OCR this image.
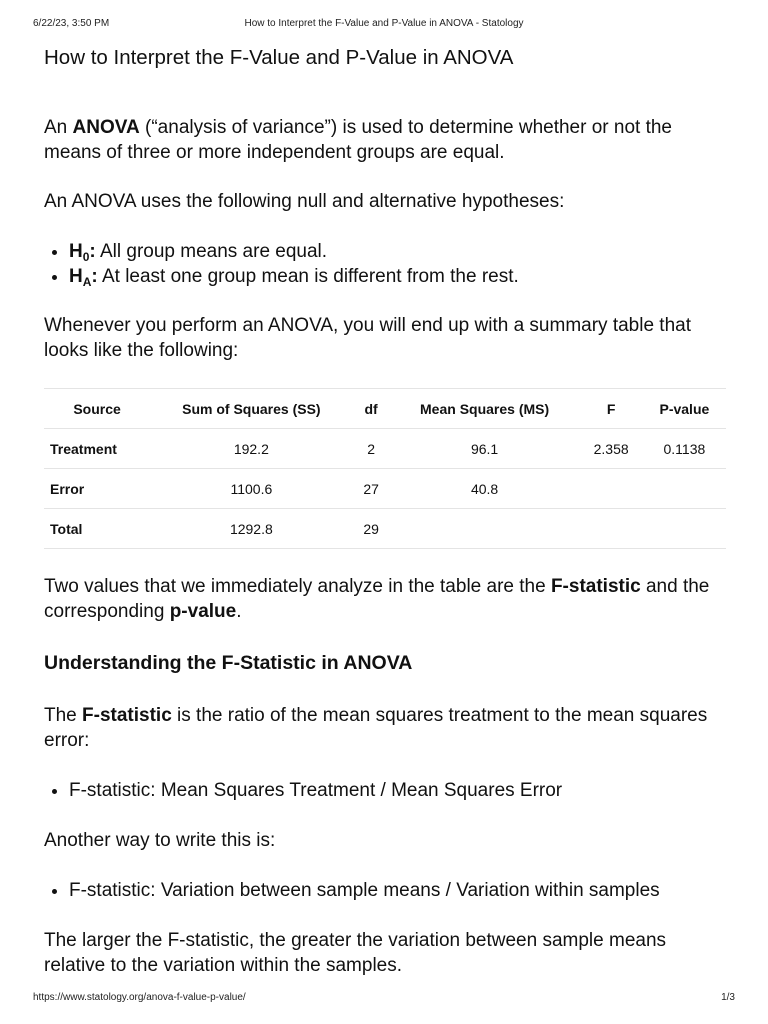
6/22/23, 3:50 PM	How to Interpret the F-Value and P-Value in ANOVA - Statology
How to Interpret the F-Value and P-Value in ANOVA

An ANOVA (“analysis of variance”) is used to determine whether or not the means of three or more independent groups are equal.

An ANOVA uses the following null and alternative hypotheses:

• $H_0$: All group means are equal.
• $H_A$: At least one group mean is different from the rest.

Whenever you perform an ANOVA, you will end up with a summary table that looks like the following:

Source	Sum of Squares (SS)	df	Mean Squares (MS)	F	P-value
Treatment	192.2	2	96.1	2.358	0.1138
Error	1100.6	27	40.8		
Total	1292.8	29			

Two values that we immediately analyze in the table are the F-statistic and the corresponding p-value.

Understanding the F-Statistic in ANOVA

The F-statistic is the ratio of the mean squares treatment to the mean squares error:

• F-statistic: Mean Squares Treatment / Mean Squares Error

Another way to write this is:

• F-statistic: Variation between sample means / Variation within samples

The larger the F-statistic, the greater the variation between sample means relative to the variation within the samples.

https://www.statology.org/anova-f-value-p-value/	1/3
